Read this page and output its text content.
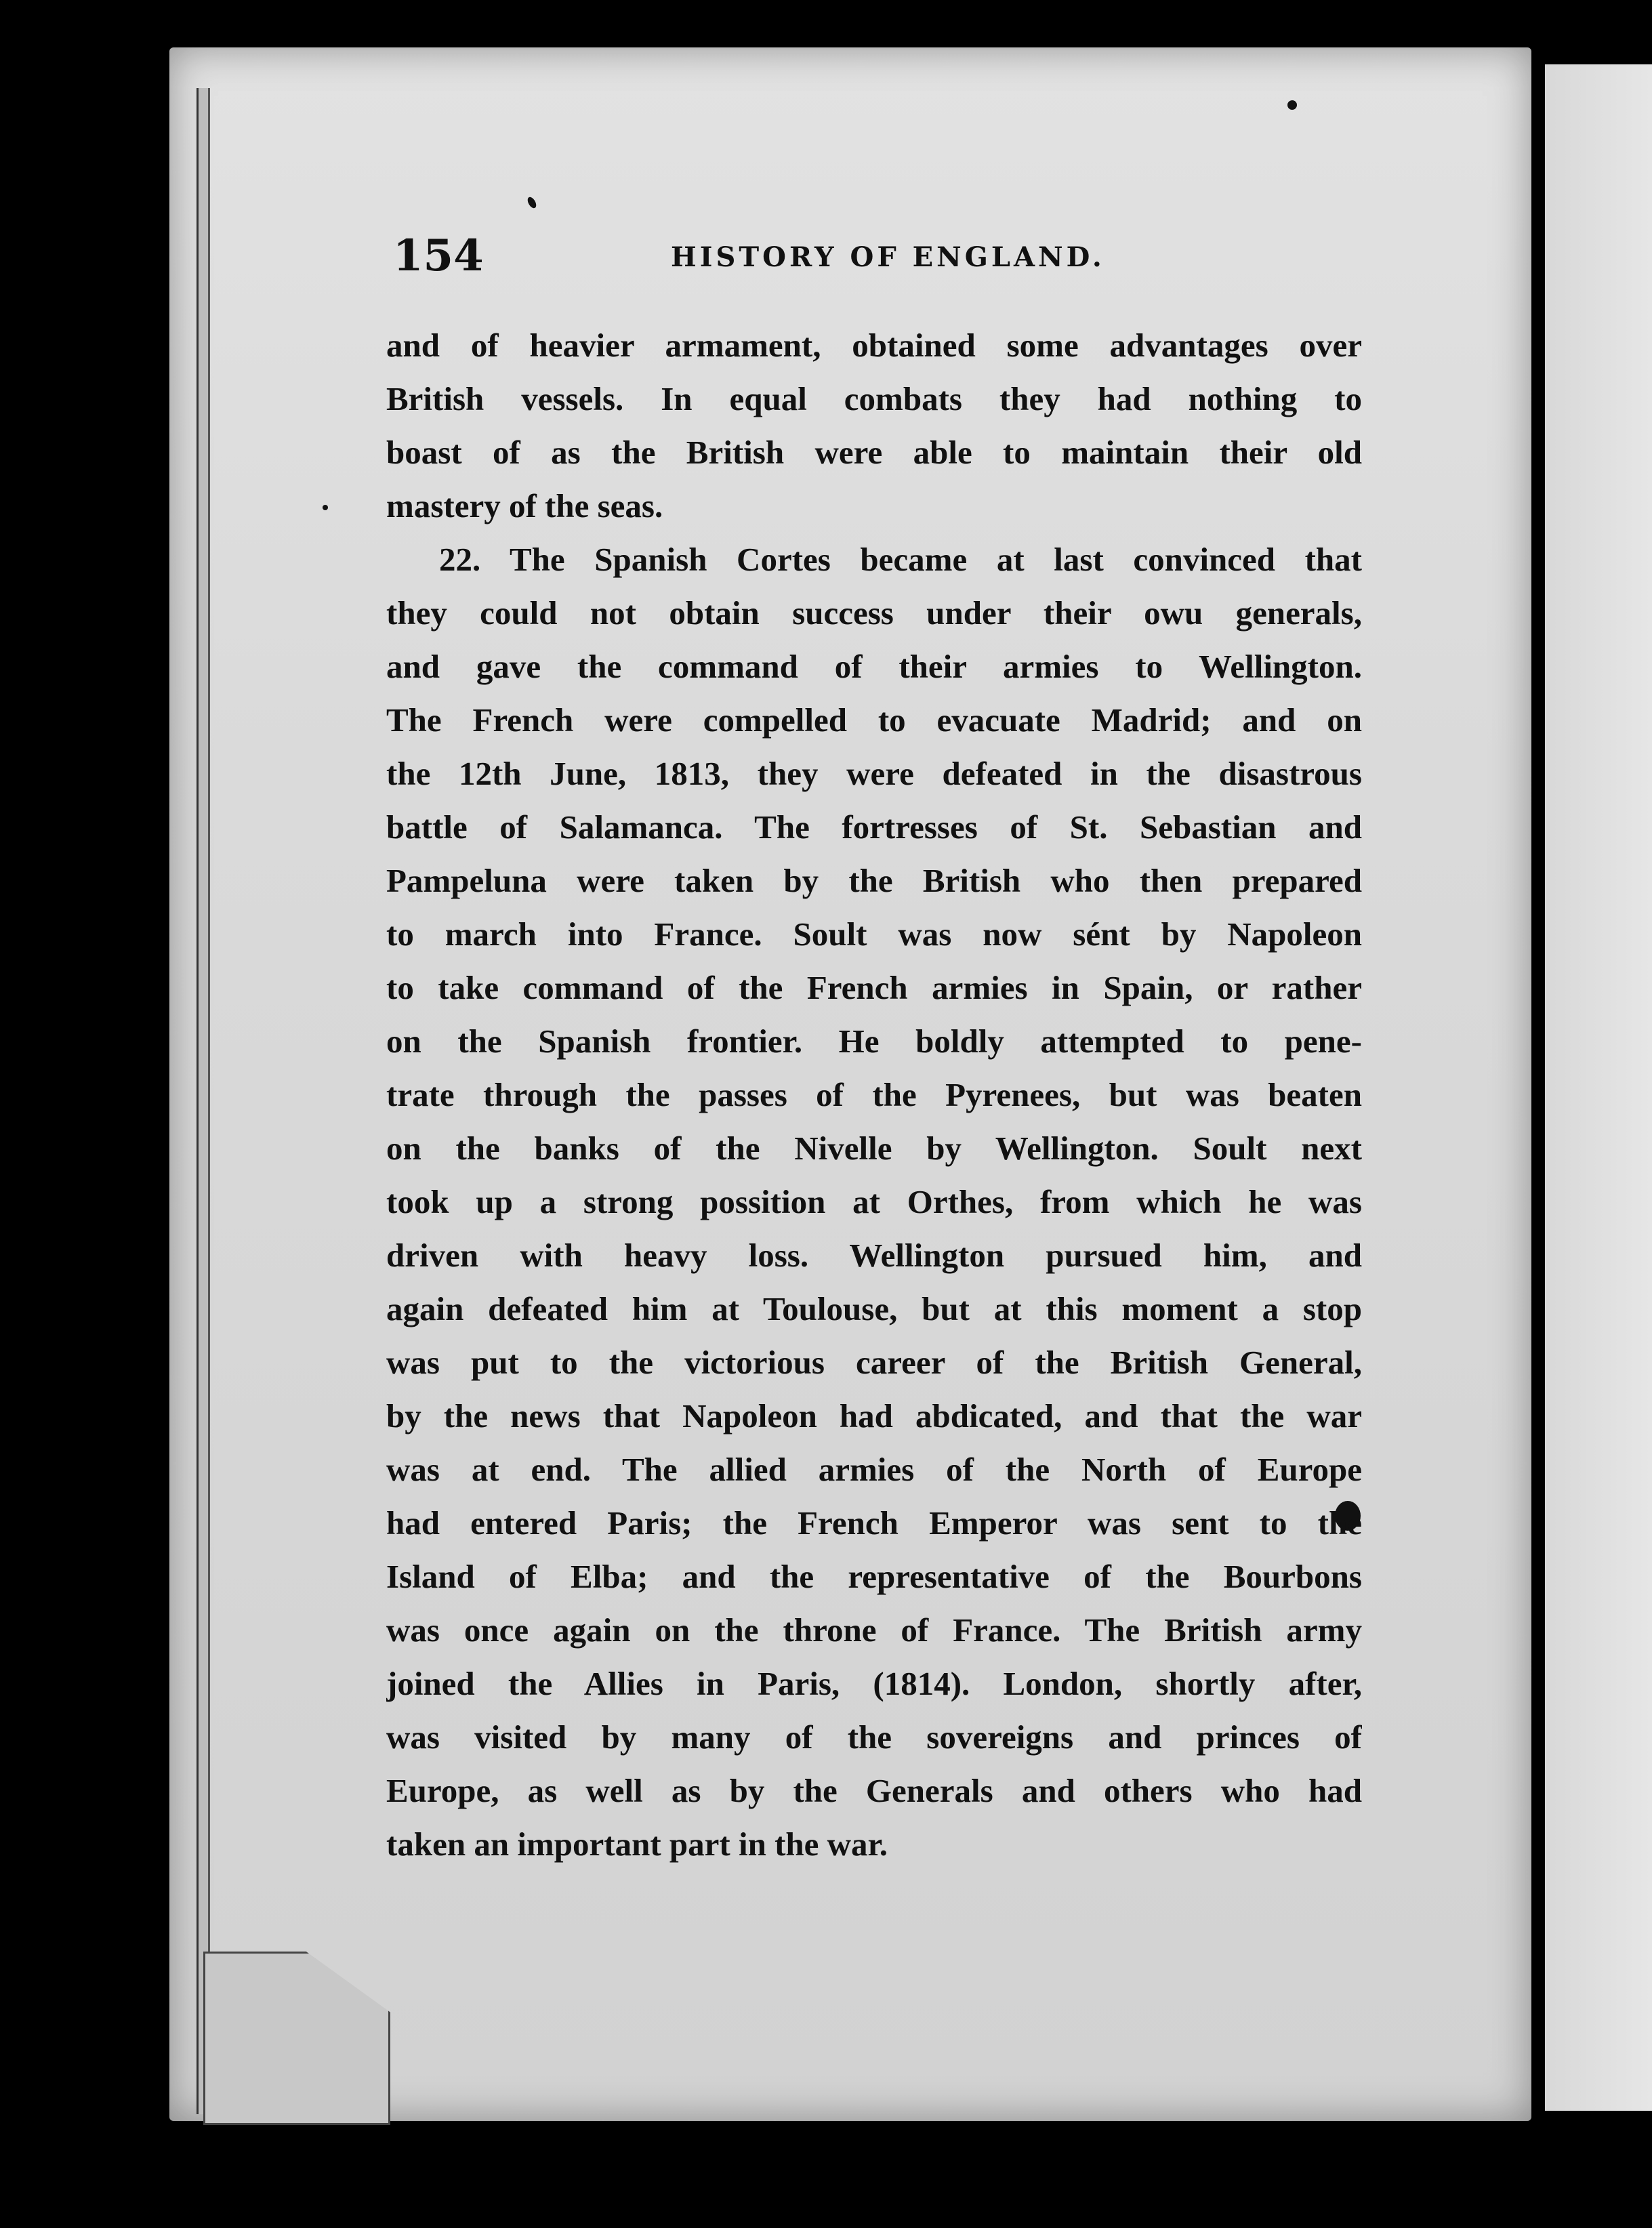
154	HISTORY OF ENGLAND.
and of heavier armament, obtained some advantages over
British vessels. In equal combats they had nothing to
boast of as the British were able to maintain their old
mastery of the seas.
22. The Spanish Cortes became at last convinced that
they could not obtain success under their owu generals,
and gave the command of their armies to Wellington.
The French were compelled to evacuate Madrid; and on
the 12th June, 1813, they were defeated in the disastrous
battle of Salamanca. The fortresses of St. Sebastian and
Pampeluna were taken by the British who then prepared
to march into France. Soult was now sént by Napoleon
to take command of the French armies in Spain, or rather
on the Spanish frontier. He boldly attempted to pene-
trate through the passes of the Pyrenees, but was beaten
on the banks of the Nivelle by Wellington. Soult next
took up a strong possition at Orthes, from which he was
driven with heavy loss. Wellington pursued him, and
again defeated him at Toulouse, but at this moment a stop
was put to the victorious career of the British General,
by the news that Napoleon had abdicated, and that the war
was at end. The allied armies of the North of Europe
had entered Paris; the French Emperor was sent to the
Island of Elba; and the representative of the Bourbons
was once again on the throne of France. The British army
joined the Allies in Paris, (1814). London, shortly after,
was visited by many of the sovereigns and princes of
Europe, as well as by the Generals and others who had
taken an important part in the war.
